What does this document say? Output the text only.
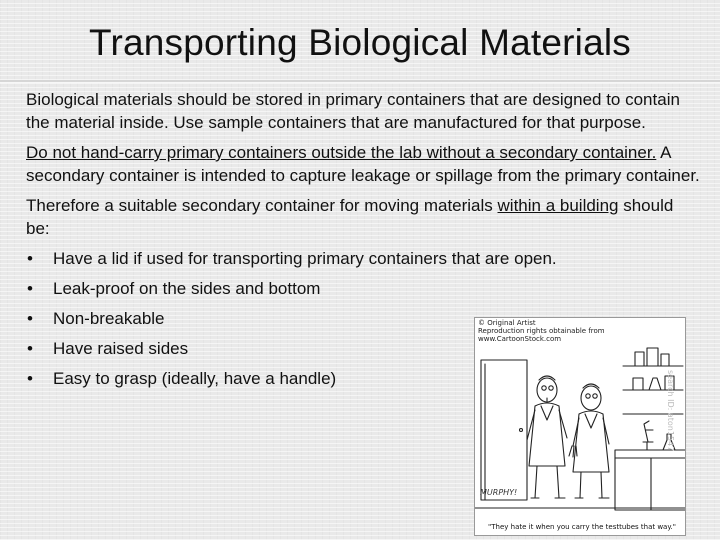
Transporting Biological Materials

Biological materials should be stored in primary containers that are designed to contain the material inside. Use sample containers that are manufactured for that purpose.

Do not hand-carry primary containers outside the lab without a secondary container. A secondary container is intended to capture leakage or spillage from the primary container.

Therefore a suitable secondary container for moving materials within a building should be:

• Have a lid if used for transporting primary containers that are open.
• Leak-proof on the sides and bottom
• Non-breakable
• Have raised sides
• Easy to grasp (ideally, have a handle)
© Original Artist
Reproduction rights obtainable from
www.CartoonStock.com
search ID: aton1547
MURPHY!
"They hate it when you carry the testtubes that way."
